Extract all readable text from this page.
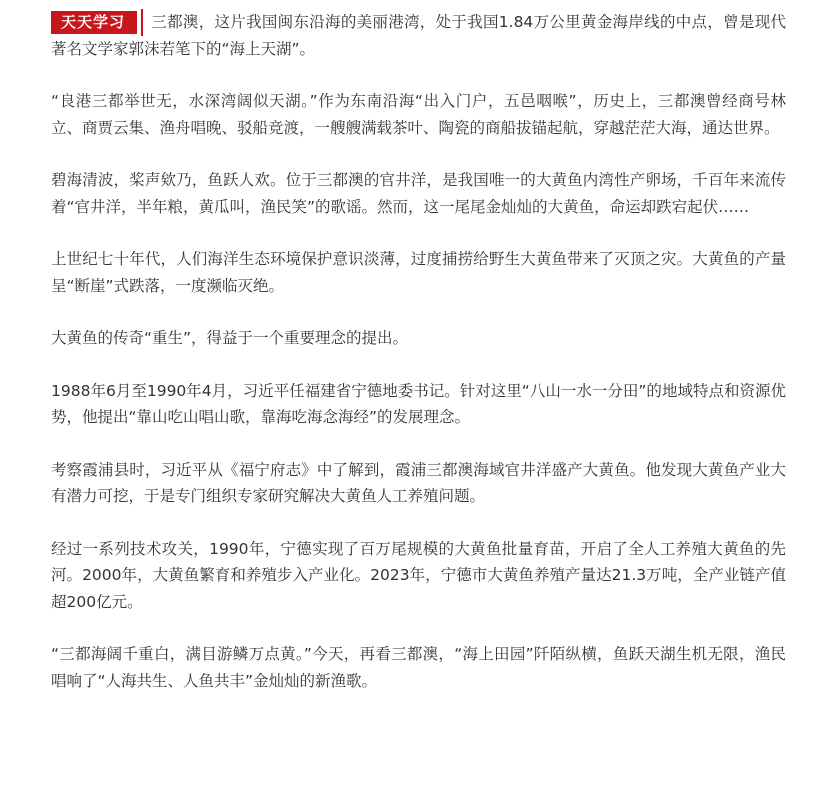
天天学习 三都澳，这片我国闽东沿海的美丽港湾，处于我国1.84万公里黄金海岸线的中点，曾是现代著名文学家郭沫若笔下的“海上天湖”。

“良港三都举世无，水深湾阔似天湖。”作为东南沿海“出入门户，五邑咽喉”，历史上，三都澳曾经商号林立、商贾云集、渔舟唱晚、驳船竞渡，一艘艘满载茶叶、陶瓷的商船拔锚起航，穿越茫茫大海，通达世界。

碧海清波，桨声欸乃，鱼跃人欢。位于三都澳的官井洋，是我国唯一的大黄鱼内湾性产卵场，千百年来流传着“官井洋，半年粮，黄瓜叫，渔民笑”的歌谣。然而，这一尾尾金灿灿的大黄鱼，命运却跌宕起伏……

上世纪七十年代，人们海洋生态环境保护意识淡薄，过度捕捞给野生大黄鱼带来了灭顶之灾。大黄鱼的产量呈“断崖”式跌落，一度濒临灭绝。

大黄鱼的传奇“重生”，得益于一个重要理念的提出。

1988年6月至1990年4月，习近平任福建省宁德地委书记。针对这里“八山一水一分田”的地域特点和资源优势，他提出“靠山吃山唱山歌，靠海吃海念海经”的发展理念。

考察霞浦县时，习近平从《福宁府志》中了解到，霞浦三都澳海域官井洋盛产大黄鱼。他发现大黄鱼产业大有潜力可挖，于是专门组织专家研究解决大黄鱼人工养殖问题。

经过一系列技术攻关，1990年，宁德实现了百万尾规模的大黄鱼批量育苗，开启了全人工养殖大黄鱼的先河。2000年，大黄鱼繁育和养殖步入产业化。2023年，宁德市大黄鱼养殖产量达21.3万吨，全产业链产值超200亿元。

“三都海阔千重白，满目游鳞万点黄。”今天，再看三都澳，“海上田园”阡陌纵横，鱼跃天湖生机无限，渔民唱响了“人海共生、人鱼共丰”金灿灿的新渔歌。
